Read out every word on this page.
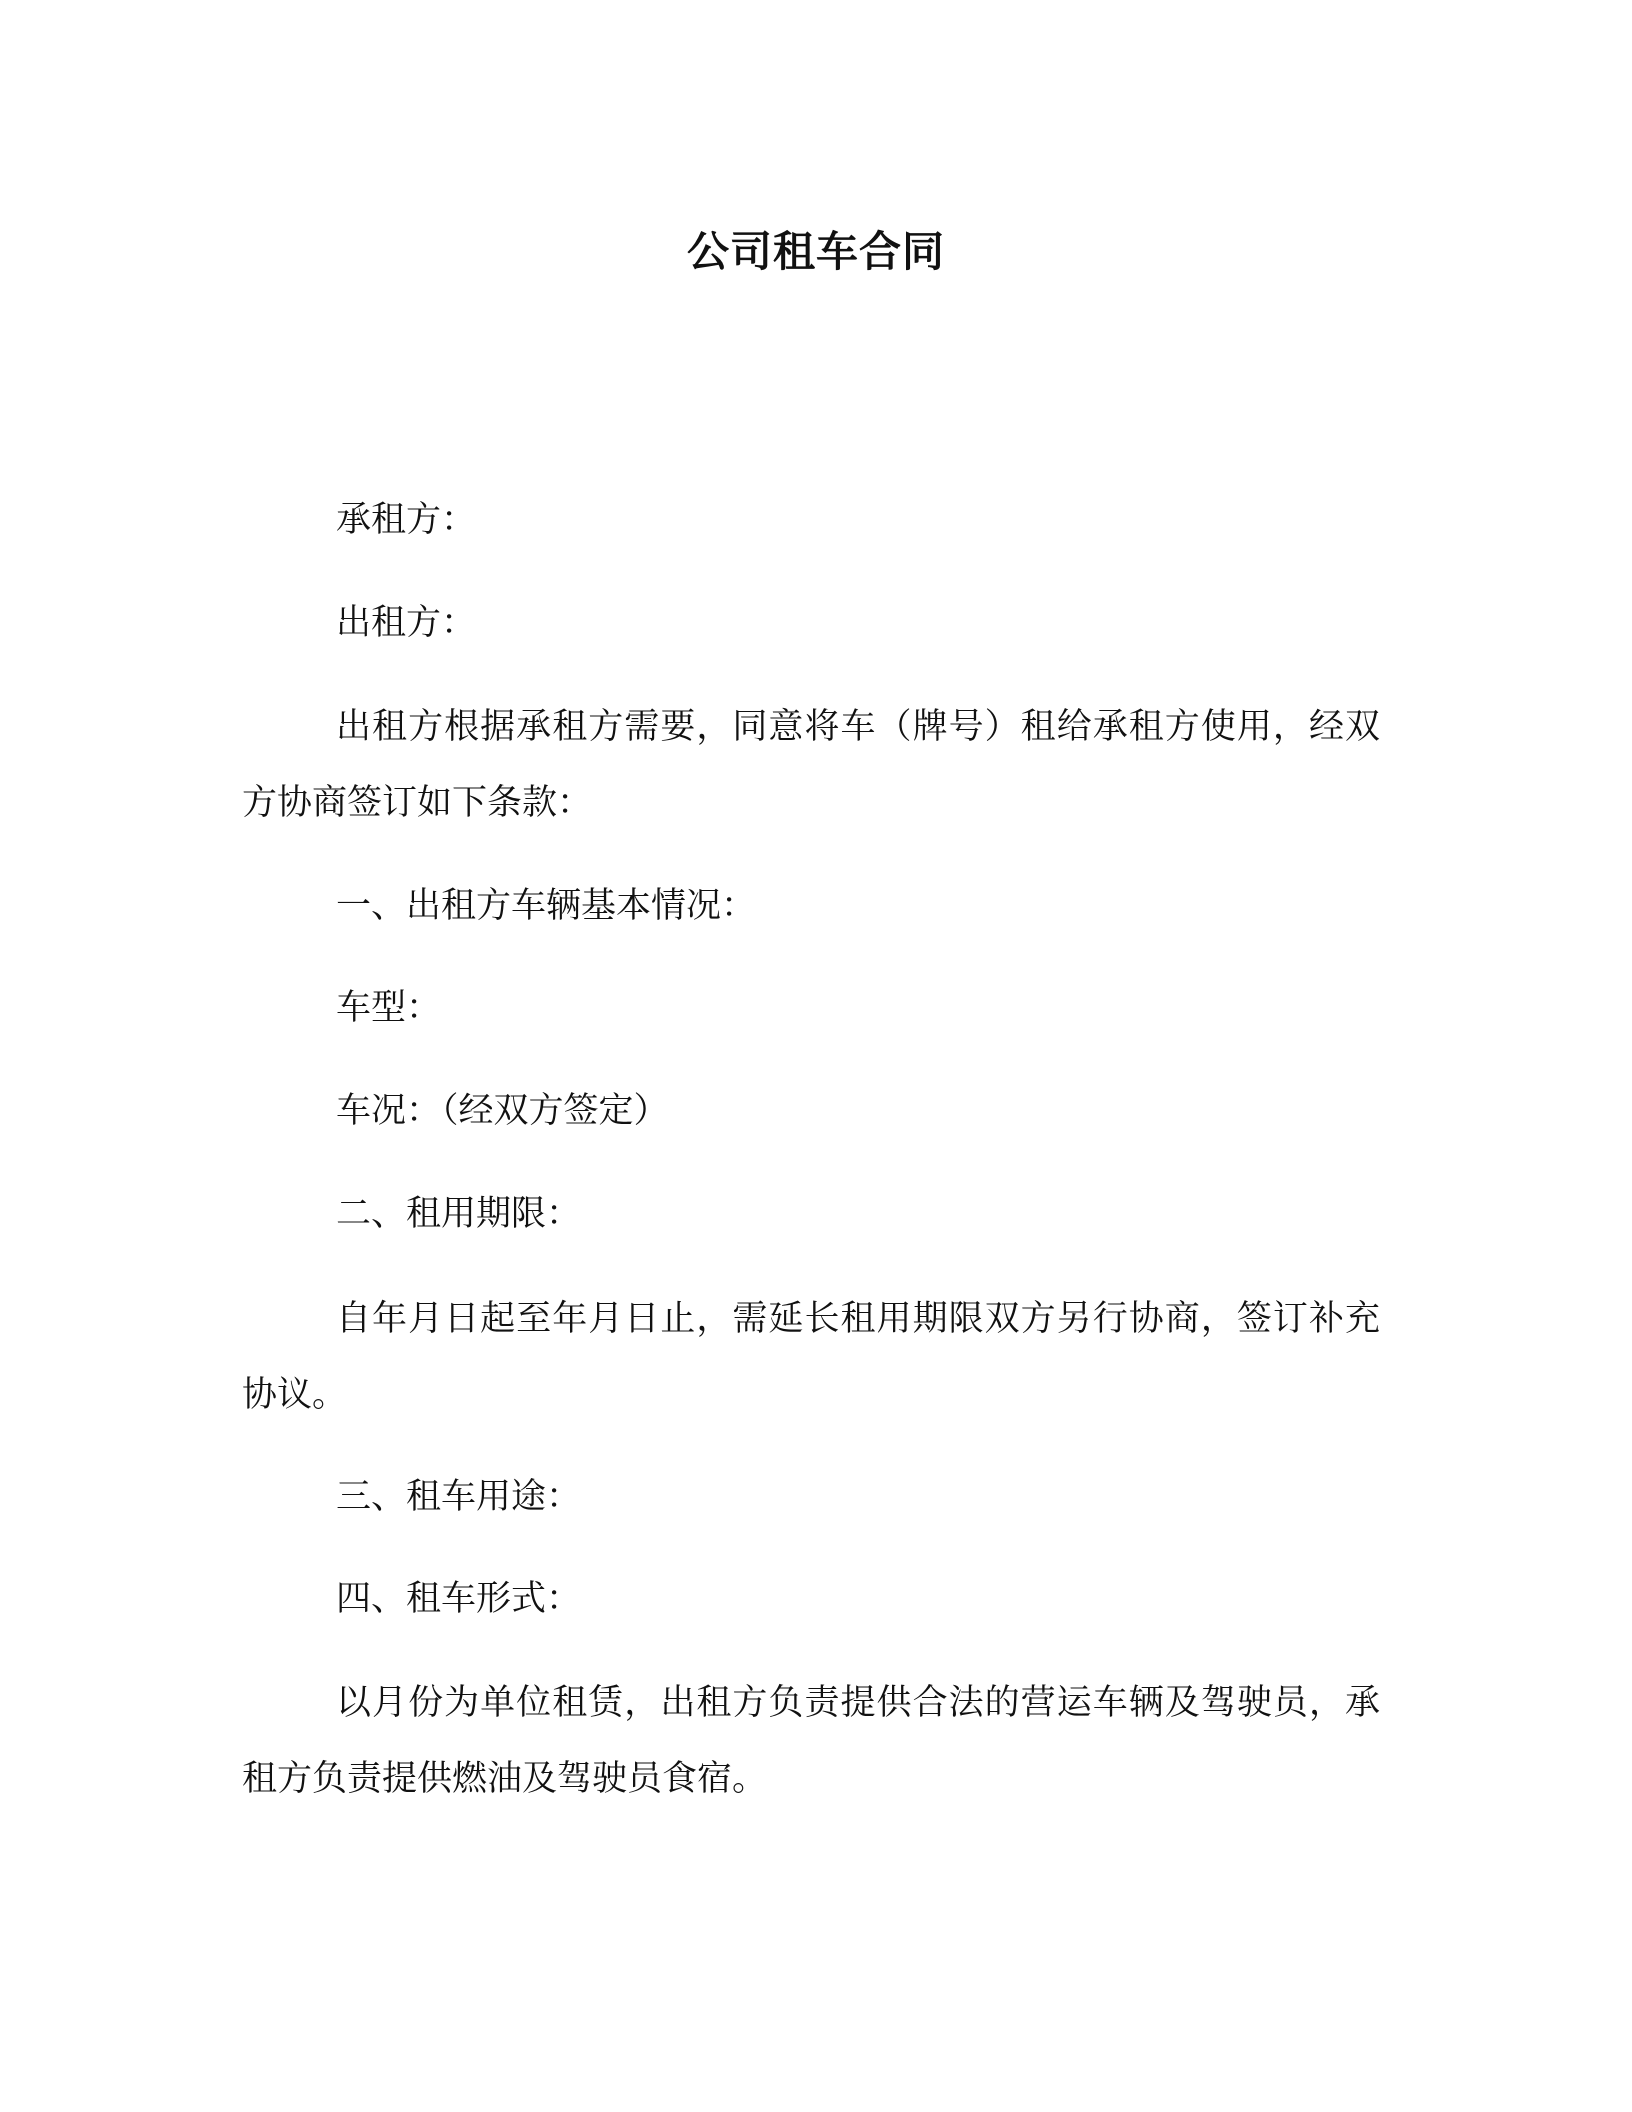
公司租车合同

承租方：

出租方：

出租方根据承租方需要，同意将车（牌号）租给承租方使用，经双方协商签订如下条款：

一、出租方车辆基本情况：

车型：

车况：（经双方签定）

二、租用期限：

自年月日起至年月日止，需延长租用期限双方另行协商，签订补充协议。

三、租车用途：

四、租车形式：

以月份为单位租赁，出租方负责提供合法的营运车辆及驾驶员，承租方负责提供燃油及驾驶员食宿。
